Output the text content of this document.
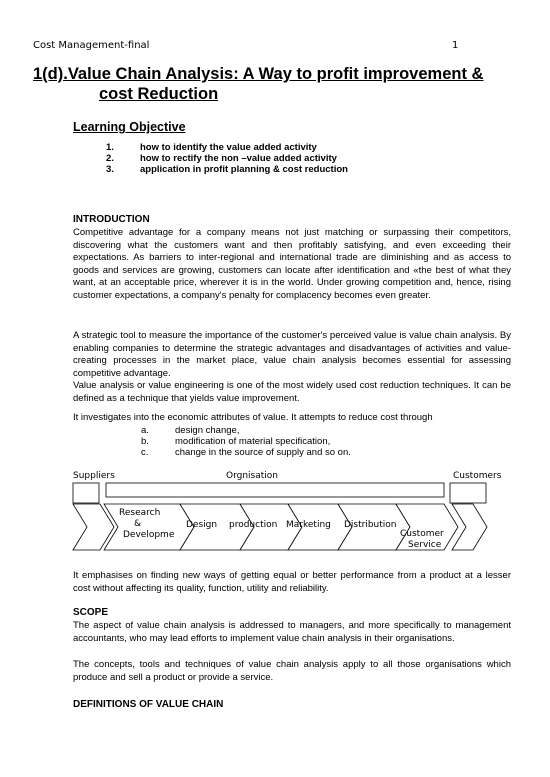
Cost Management-final	1
1(d).Value Chain Analysis: A Way to profit improvement &
cost Reduction
Learning Objective
1.	how to identify the value added activity
2.	how to rectify the non –value added activity
3.	application in profit planning & cost reduction
INTRODUCTION
Competitive advantage for a company means not just matching or surpassing their competitors, discovering what the customers want and then profitably satisfying, and even exceeding their expectations. As barriers to inter-regional and international trade are diminishing and as access to goods and services are growing, customers can locate after identification and «the best of what they want, at an acceptable price, wherever it is in the world. Under growing competition and, hence, rising customer expectations, a company's penalty for complacency becomes even greater.
A strategic tool to measure the importance of the customer's perceived value is value chain analysis. By enabling companies to determine the strategic advantages and disadvantages of activities and value-creating processes in the market place, value chain analysis becomes essential for assessing competitive advantage.
Value analysis or value engineering is one of the most widely used cost reduction techniques. It can be defined as a technique that yields value improvement.
It investigates into the economic attributes of value. It attempts to reduce cost through
a.	design change,
b.	modification of material specification,
c.	change in the source of supply and so on.
Suppliers	Orgnisation	Customers
Research
&
Developme
Design production Marketing Distribution
Customer
Service
It emphasises on finding new ways of getting equal or better performance from a product at a lesser cost without affecting its quality, function, utility and reliability.
SCOPE
The aspect of value chain analysis is addressed to managers, and more specifically to management accountants, who may lead efforts to implement value chain analysis in their organisations.
The concepts, tools and techniques of value chain analysis apply to all those organisations which produce and sell a product or provide a service.
DEFINITIONS OF VALUE CHAIN
